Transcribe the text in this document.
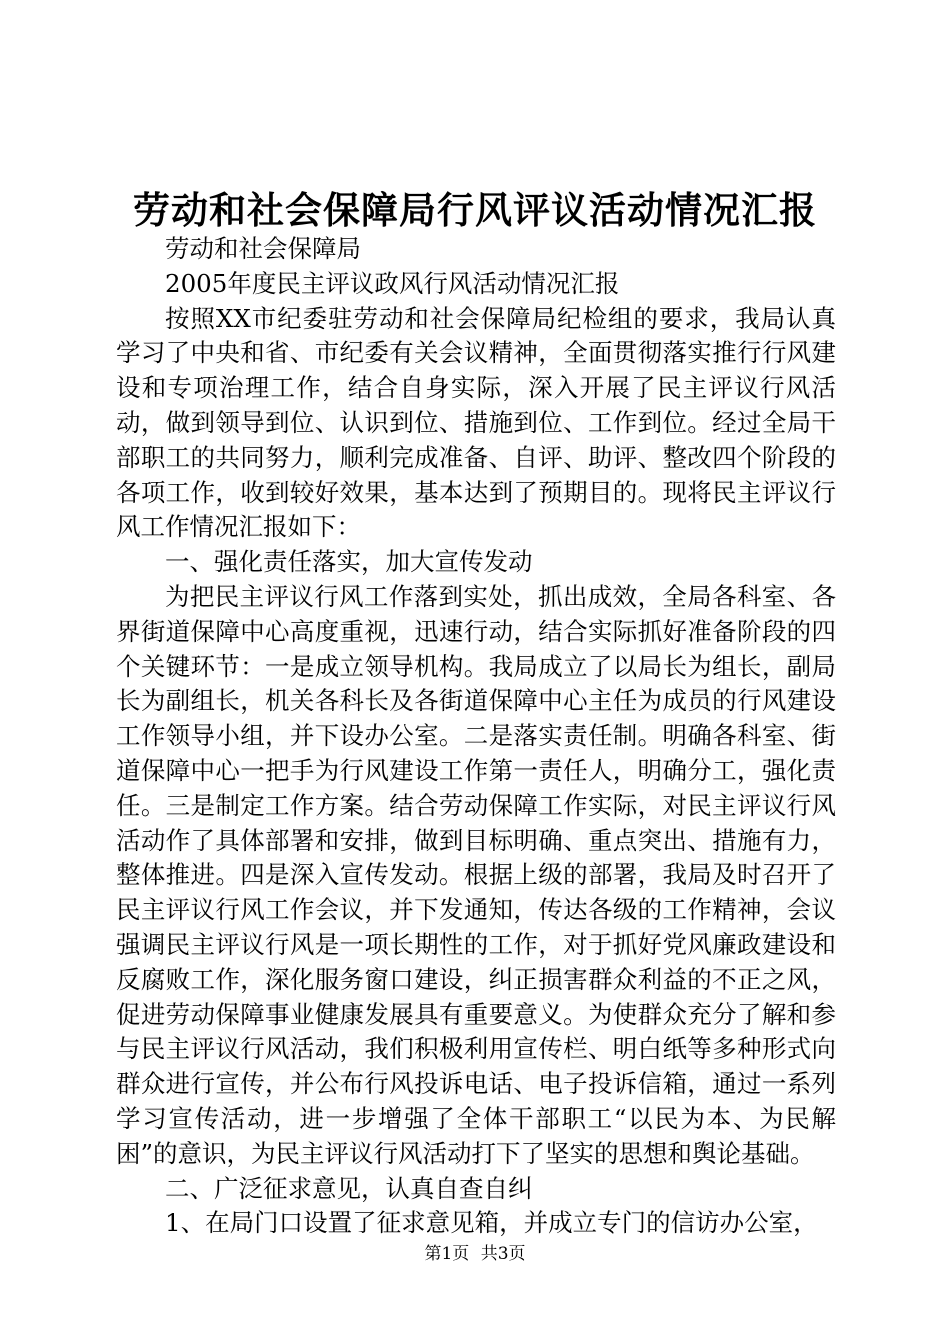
劳动和社会保障局行风评议活动情况汇报

劳动和社会保障局

2005年度民主评议政风行风活动情况汇报

按照XX市纪委驻劳动和社会保障局纪检组的要求，我局认真学习了中央和省、市纪委有关会议精神，全面贯彻落实推行行风建设和专项治理工作，结合自身实际，深入开展了民主评议行风活动，做到领导到位、认识到位、措施到位、工作到位。经过全局干部职工的共同努力，顺利完成准备、自评、助评、整改四个阶段的各项工作，收到较好效果，基本达到了预期目的。现将民主评议行风工作情况汇报如下：

一、强化责任落实，加大宣传发动

为把民主评议行风工作落到实处，抓出成效，全局各科室、各界街道保障中心高度重视，迅速行动，结合实际抓好准备阶段的四个关键环节：一是成立领导机构。我局成立了以局长为组长，副局长为副组长，机关各科长及各街道保障中心主任为成员的行风建设工作领导小组，并下设办公室。二是落实责任制。明确各科室、街道保障中心一把手为行风建设工作第一责任人，明确分工，强化责任。三是制定工作方案。结合劳动保障工作实际，对民主评议行风活动作了具体部署和安排，做到目标明确、重点突出、措施有力，整体推进。四是深入宣传发动。根据上级的部署，我局及时召开了民主评议行风工作会议，并下发通知，传达各级的工作精神，会议强调民主评议行风是一项长期性的工作，对于抓好党风廉政建设和反腐败工作，深化服务窗口建设，纠正损害群众利益的不正之风，促进劳动保障事业健康发展具有重要意义。为使群众充分了解和参与民主评议行风活动，我们积极利用宣传栏、明白纸等多种形式向群众进行宣传，并公布行风投诉电话、电子投诉信箱，通过一系列学习宣传活动，进一步增强了全体干部职工“以民为本、为民解困”的意识，为民主评议行风活动打下了坚实的思想和舆论基础。

二、广泛征求意见，认真自查自纠

1、在局门口设置了征求意见箱，并成立专门的信访办公室，

第1页 共3页
